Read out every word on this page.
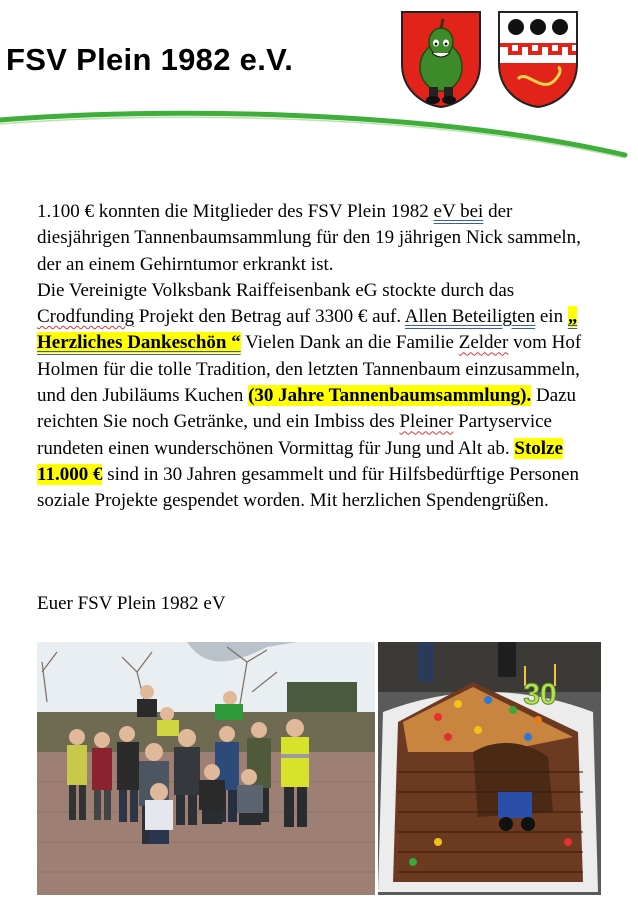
FSV Plein 1982 e.V.

1.100 € konnten die Mitglieder des FSV Plein 1982 eV bei der diesjährigen Tannenbaumsammlung für den 19 jährigen Nick sammeln, der an einem Gehirntumor erkrankt ist.

Die Vereinigte Volksbank Raiffeisenbank eG stockte durch das Crodfunding Projekt den Betrag auf 3300 € auf. Allen Beteiligten ein „ Herzliches Dankeschön “ Vielen Dank an die Familie Zelder vom Hof Holmen für die tolle Tradition, den letzten Tannenbaum einzusammeln, und den Jubiläums Kuchen (30 Jahre Tannenbaumsammlung). Dazu reichten Sie noch Getränke, und ein Imbiss des Pleiner Partyservice rundeten einen wunderschönen Vormittag für Jung und Alt ab. Stolze 11.000 € sind in 30 Jahren gesammelt und für Hilfsbedürftige Personen soziale Projekte gespendet worden. Mit herzlichen Spendengrüßen.

Euer FSV Plein 1982 eV
30
